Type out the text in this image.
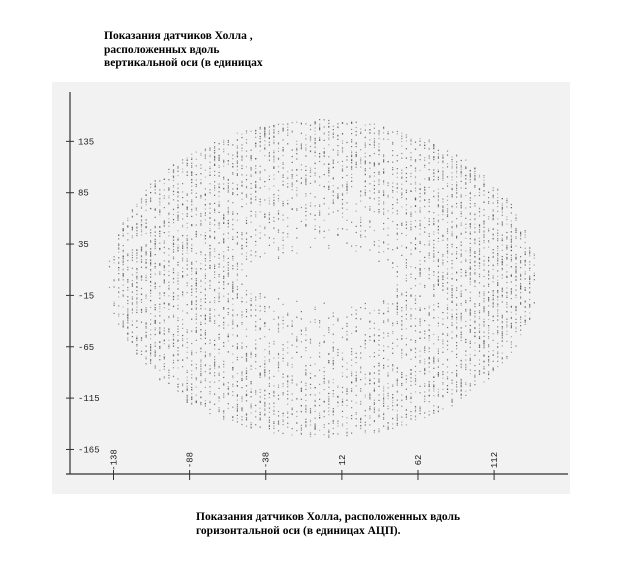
Показания датчиков Холла ,
расположенных вдоль
вертикальной оси (в единицах
135
85
35
-15
-65
-115
-165 -138	-88	-38	12	62	112
Показания датчиков Холла, расположенных вдоль
горизонтальной оси (в единицах АЦП).
